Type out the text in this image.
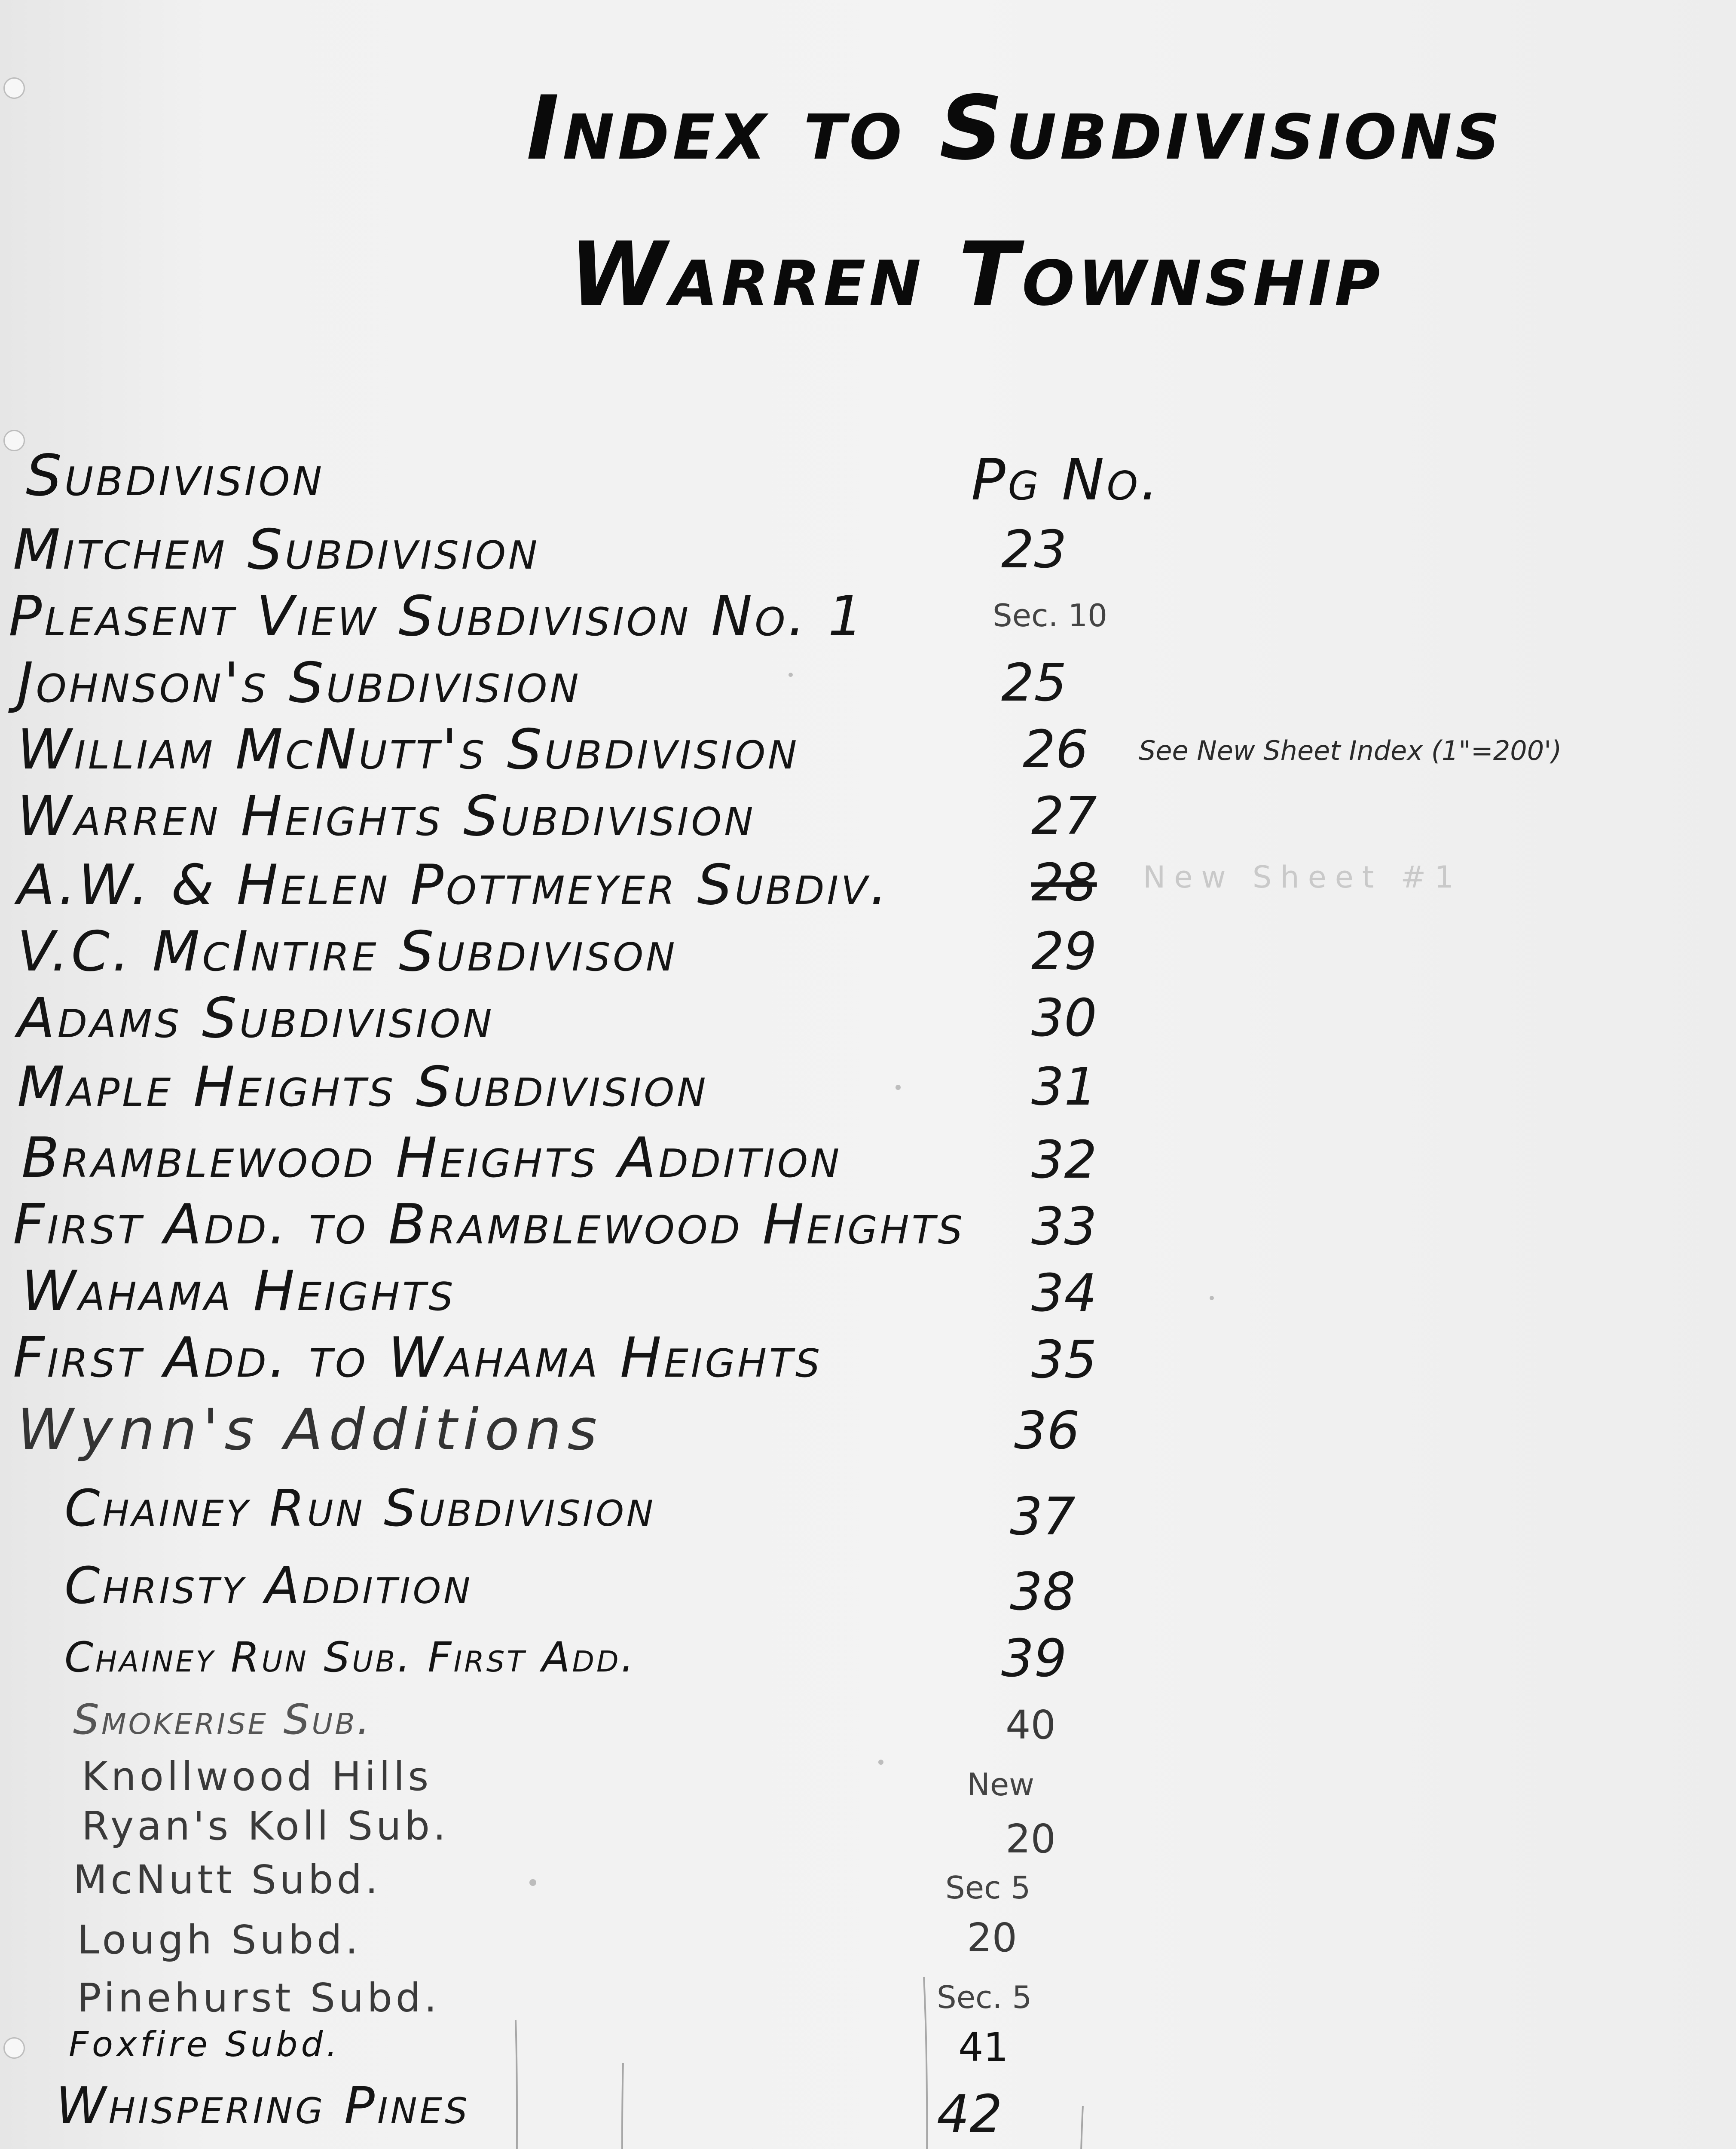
Index to Subdivisions
Warren Township
Subdivision	Pg No.
Mitchem Subdivision	23
Pleasent View Subdivision No. 1	Sec. 10
Johnson's Subdivision	25
William McNutt's Subdivision	26 See New Sheet Index (1"=200')
Warren Heights Subdivision	27
A.W. & Helen Pottmeyer Subdiv.	28 New Sheet #1
V.C. McIntire Subdivison	29
Adams Subdivision	30
Maple Heights Subdivision	31
Bramblewood Heights Addition	32
First Add. to Bramblewood Heights 33
Wahama Heights	34
First Add. to Wahama Heights	35
Wynn's Additions	36
Chainey Run Subdivision	37
Christy Addition	38
Chainey Run Sub. First Add.	39
Smokerise Sub.	40
Knollwood Hills	New
Ryan's Koll Sub.	20
McNutt Subd.	Sec 5
Lough Subd.	20
Pinehurst Subd.	Sec. 5
Foxfire Subd.	41
Whispering Pines	42
